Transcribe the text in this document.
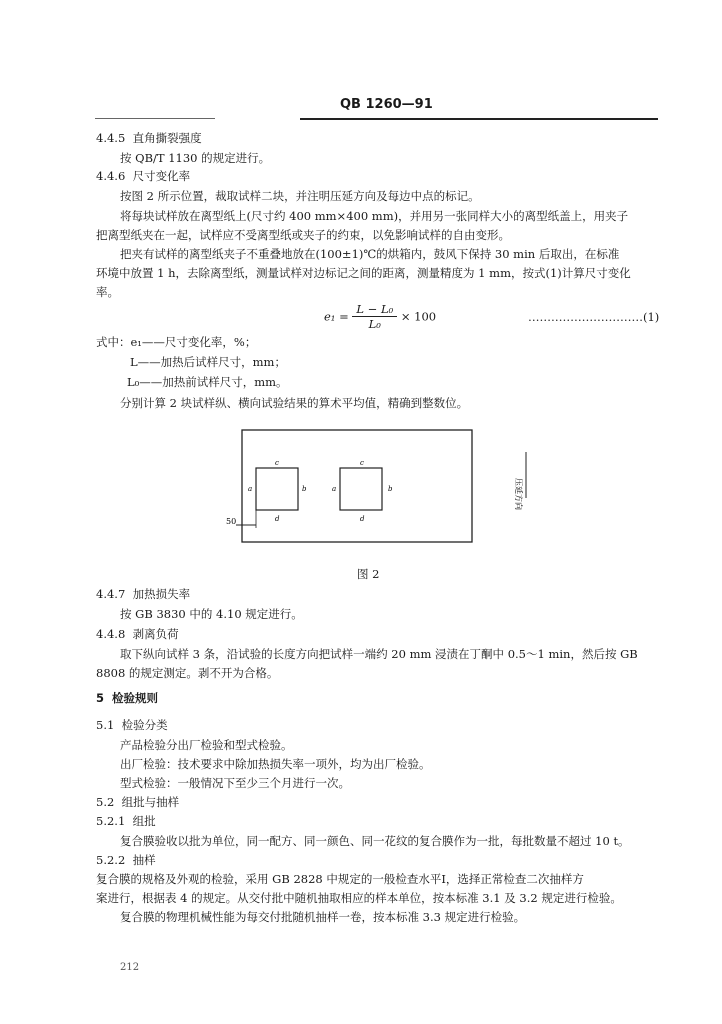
QB 1260—91
4.4.5 直角撕裂强度
按 QB/T 1130 的规定进行。
4.4.6 尺寸变化率
按图 2 所示位置，裁取试样二块，并注明压延方向及每边中点的标记。
将每块试样放在离型纸上(尺寸约 400 mm×400 mm)，并用另一张同样大小的离型纸盖上，用夹子
把离型纸夹在一起，试样应不受离型纸或夹子的约束，以免影响试样的自由变形。
把夹有试样的离型纸夹子不重叠地放在(100±1)℃的烘箱内，鼓风下保持 30 min 后取出，在标准
环境中放置 1 h，去除离型纸，测量试样对边标记之间的距离，测量精度为 1 mm，按式(1)计算尺寸变化
率。
$e_1 = \frac{\text{L − L₀}}{\text{L₀}} \times 100$	…………………………(1)
式中：e₁——尺寸变化率，%；
L——加热后试样尺寸，mm；
L₀——加热前试样尺寸，mm。
分别计算 2 块试样纵、横向试验结果的算术平均值，精确到整数位。
c
a	b
d
c
a	b
d
50
压延方向
图 2
4.4.7 加热损失率
按 GB 3830 中的 4.10 规定进行。
4.4.8 剥离负荷
取下纵向试样 3 条，沿试验的长度方向把试样一端约 20 mm 浸渍在丁酮中 0.5～1 min，然后按 GB
8808 的规定测定。剥不开为合格。
5 检验规则
5.1 检验分类
产品检验分出厂检验和型式检验。
出厂检验：技术要求中除加热损失率一项外，均为出厂检验。
型式检验：一般情况下至少三个月进行一次。
5.2 组批与抽样
5.2.1 组批
复合膜验收以批为单位，同一配方、同一颜色、同一花纹的复合膜作为一批，每批数量不超过 10 t。
5.2.2 抽样
复合膜的规格及外观的检验，采用 GB 2828 中规定的一般检查水平Ⅰ，选择正常检查二次抽样方
案进行，根据表 4 的规定。从交付批中随机抽取相应的样本单位，按本标准 3.1 及 3.2 规定进行检验。
复合膜的物理机械性能为每交付批随机抽样一卷，按本标准 3.3 规定进行检验。
212
